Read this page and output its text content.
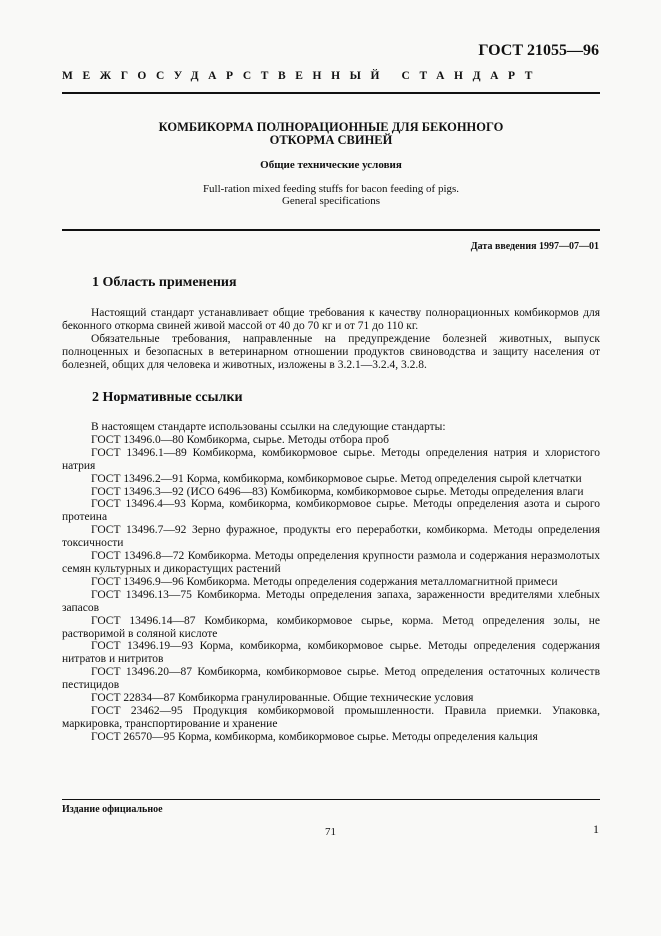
ГОСТ 21055—96
МЕЖГОСУДАРСТВЕННЫЙ СТАНДАРТ
КОМБИКОРМА ПОЛНОРАЦИОННЫЕ ДЛЯ БЕКОННОГО
ОТКОРМА СВИНЕЙ
Общие технические условия
Full-ration mixed feeding stuffs for bacon feeding of pigs.
General specifications
Дата введения 1997—07—01
1 Область применения

Настоящий стандарт устанавливает общие требования к качеству полнорационных комбикормов для беконного откорма свиней живой массой от 40 до 70 кг и от 71 до 110 кг.

Обязательные требования, направленные на предупреждение болезней животных, выпуск полноценных и безопасных в ветеринарном отношении продуктов свиноводства и защиту населения от болезней, общих для человека и животных, изложены в 3.2.1—3.2.4, 3.2.8.

2 Нормативные ссылки

В настоящем стандарте использованы ссылки на следующие стандарты:

ГОСТ 13496.0—80 Комбикорма, сырье. Методы отбора проб

ГОСТ 13496.1—89 Комбикорма, комбикормовое сырье. Методы определения натрия и хлористого натрия

ГОСТ 13496.2—91 Корма, комбикорма, комбикормовое сырье. Метод определения сырой клетчатки

ГОСТ 13496.3—92 (ИСО 6496—83) Комбикорма, комбикормовое сырье. Методы определения влаги

ГОСТ 13496.4—93 Корма, комбикорма, комбикормовое сырье. Методы определения азота и сырого протеина

ГОСТ 13496.7—92 Зерно фуражное, продукты его переработки, комбикорма. Методы определения токсичности

ГОСТ 13496.8—72 Комбикорма. Методы определения крупности размола и содержания неразмолотых семян культурных и дикорастущих растений

ГОСТ 13496.9—96 Комбикорма. Методы определения содержания металломагнитной примеси

ГОСТ 13496.13—75 Комбикорма. Методы определения запаха, зараженности вредителями хлебных запасов

ГОСТ 13496.14—87 Комбикорма, комбикормовое сырье, корма. Метод определения золы, не растворимой в соляной кислоте

ГОСТ 13496.19—93 Корма, комбикорма, комбикормовое сырье. Методы определения содержания нитратов и нитритов

ГОСТ 13496.20—87 Комбикорма, комбикормовое сырье. Метод определения остаточных количеств пестицидов

ГОСТ 22834—87 Комбикорма гранулированные. Общие технические условия

ГОСТ 23462—95 Продукция комбикормовой промышленности. Правила приемки. Упаковка, маркировка, транспортирование и хранение

ГОСТ 26570—95 Корма, комбикорма, комбикормовое сырье. Методы определения кальция

Издание официальное
71	1
